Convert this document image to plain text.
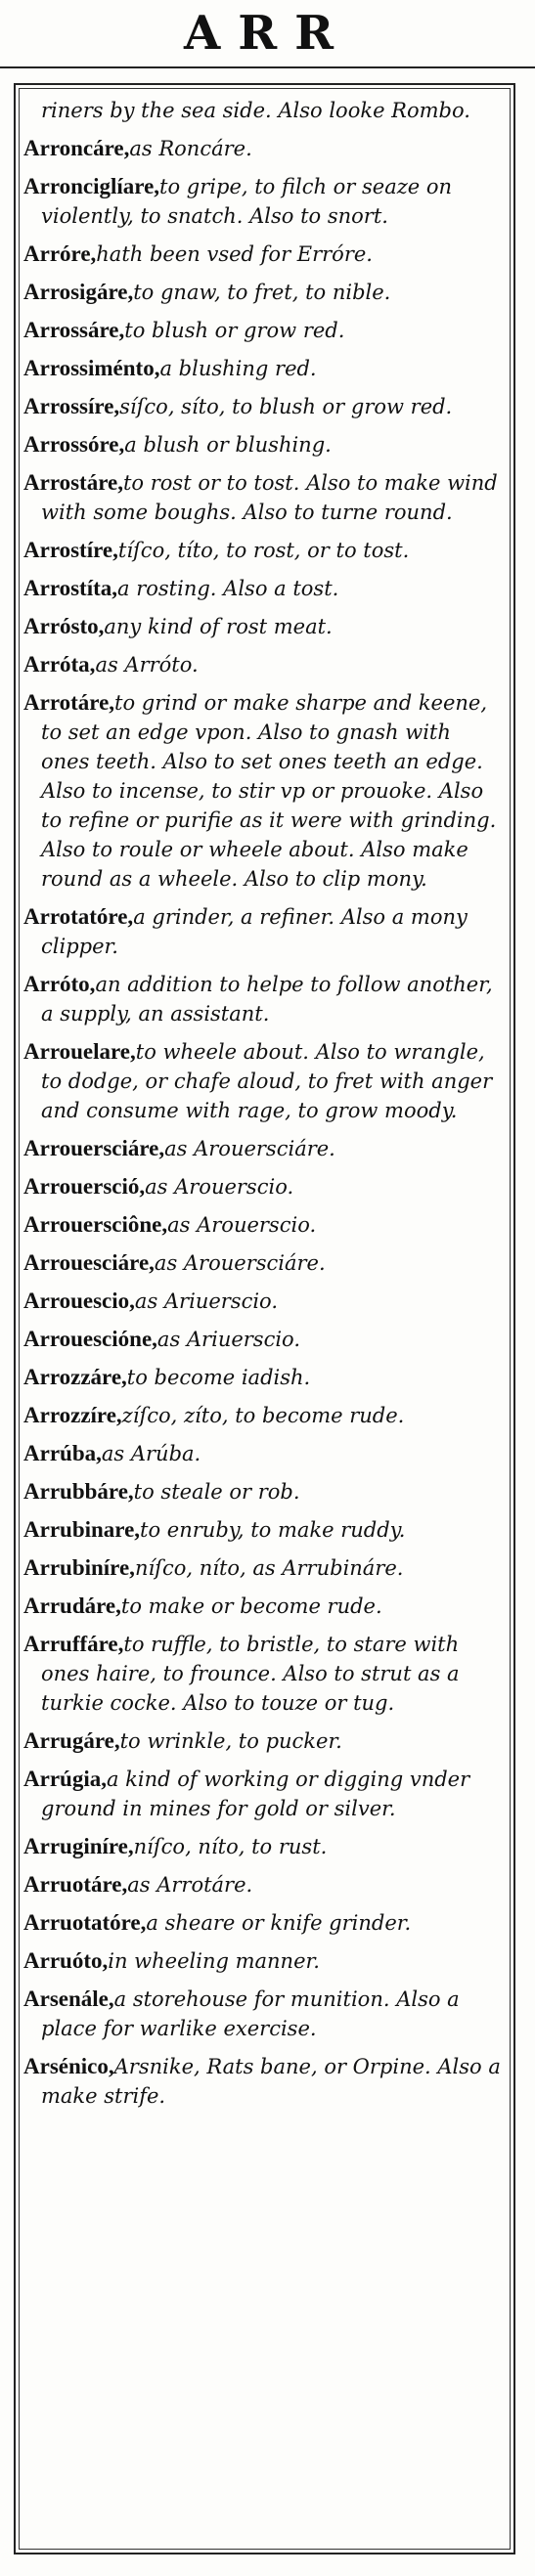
ARR
riners by the sea side. Also looke Rombo.
Arroncáre,as Roncáre.
Arronciglíare,to gripe, to filch or seaze on violently, to snatch. Also to snort.
Arróre,hath been vsed for Erróre.
Arrosigáre,to gnaw, to fret, to nible.
Arrossáre,to blush or grow red.
Arrossiménto,a blushing red.
Arrossíre,síſco, síto, to blush or grow red.
Arrossóre,a blush or blushing.
Arrostáre,to rost or to tost. Also to make wind with some boughs. Also to turne round.
Arrostíre,tíſco, títo, to rost, or to tost.
Arrostíta,a rosting. Also a tost.
Arrósto,any kind of rost meat.
Arróta,as Arróto.
Arrotáre,to grind or make sharpe and keene, to set an edge vpon. Also to gnash with ones teeth. Also to set ones teeth an edge. Also to incense, to stir vp or prouoke. Also to refine or purifie as it were with grinding. Also to roule or wheele about. Also make round as a wheele. Also to clip mony.
Arrotatóre,a grinder, a refiner. Also a mony clipper.
Arróto,an addition to helpe to follow another, a supply, an assistant.
Arrouelare,to wheele about. Also to wrangle, to dodge, or chafe aloud, to fret with anger and consume with rage, to grow moody.
Arrouersciáre,as Arouersciáre.
Arrouersció,as Arouerscio.
Arrouersciône,as Arouerscio.
Arrouesciáre,as Arouersciáre.
Arrouescio,as Ariuerscio.
Arrouescióne,as Ariuerscio.
Arrozzáre,to become iadish.
Arrozzíre,zíſco, zíto, to become rude.
Arrúba,as Arúba.
Arrubbáre,to steale or rob.
Arrubinare,to enruby, to make ruddy.
Arrubiníre,níſco, níto, as Arrubináre.
Arrudáre,to make or become rude.
Arruffáre,to ruffle, to bristle, to stare with ones haire, to frounce. Also to strut as a turkie cocke. Also to touze or tug.
Arrugáre,to wrinkle, to pucker.
Arrúgia,a kind of working or digging vnder ground in mines for gold or silver.
Arruginíre,níſco, níto, to rust.
Arruotáre,as Arrotáre.
Arruotatóre,a sheare or knife grinder.
Arruóto,in wheeling manner.
Arsenále,a storehouse for munition. Also a place for warlike exercise.
Arsénico,Arsnike, Rats bane, or Orpine. Also a make strife.
